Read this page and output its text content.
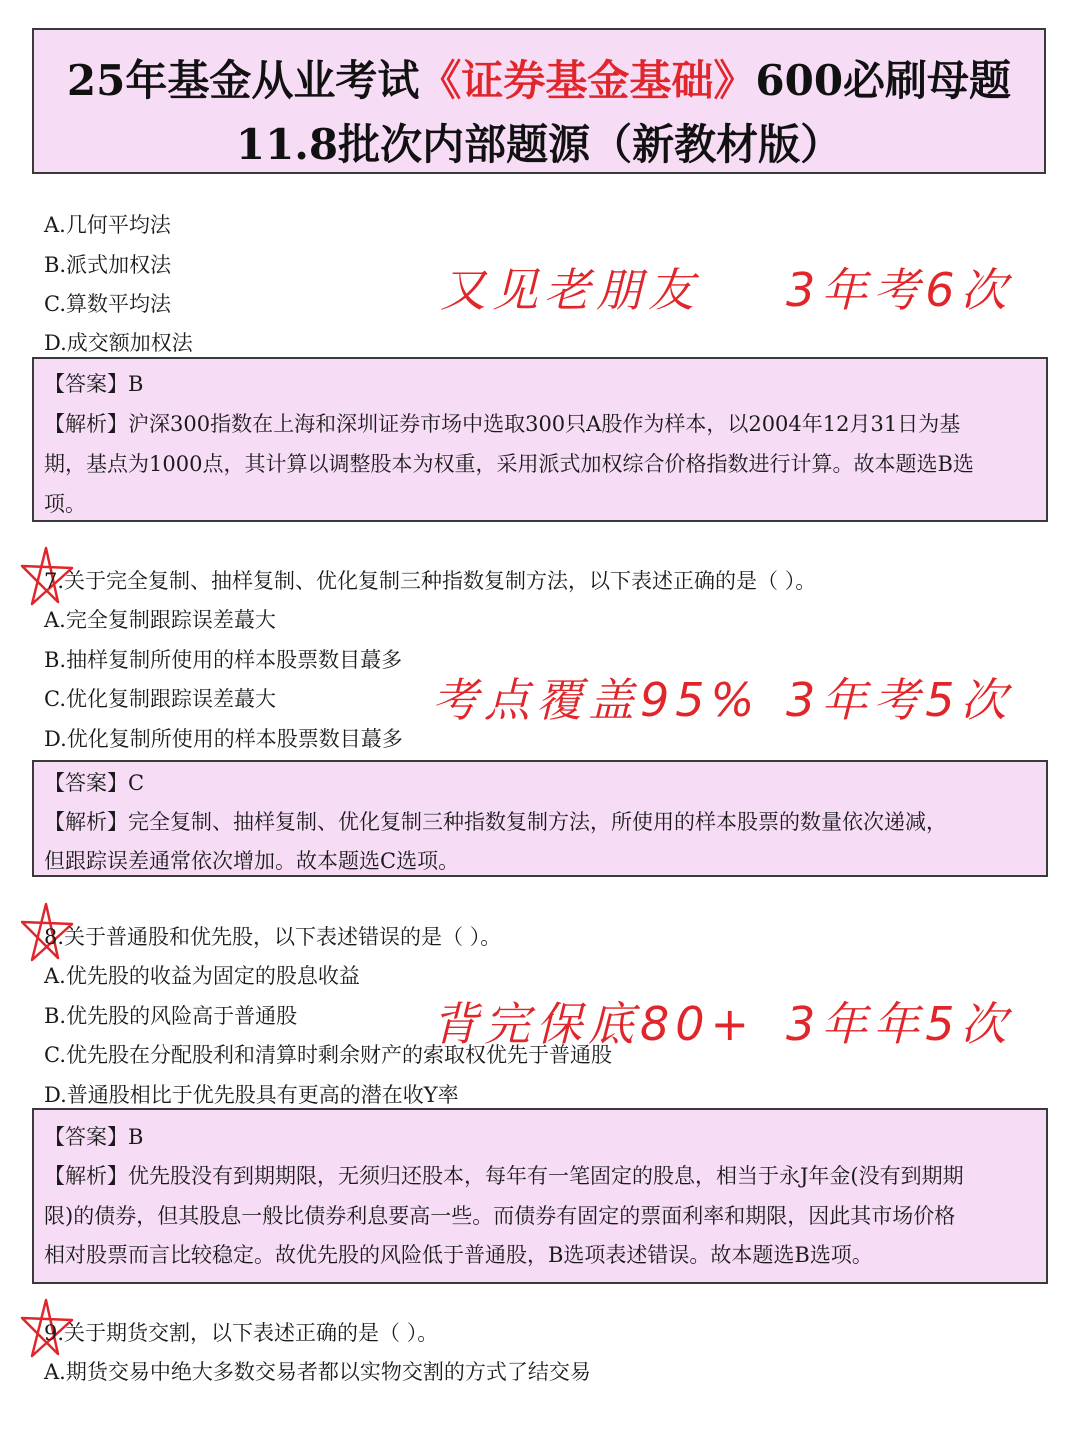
25年基金从业考试《证券基金基础》600必刷母题
11.8批次内部题源（新教材版）
A.几何平均法
B.派式加权法
C.算数平均法
D.成交额加权法
又见老朋友 3年考6次
【答案】B
【解析】沪深300指数在上海和深圳证券市场中选取300只A股作为样本，以2004年12月31日为基
期，基点为1000点，其计算以调整股本为权重，采用派式加权综合价格指数进行计算。故本题选B选
项。
7.关于完全复制、抽样复制、优化复制三种指数复制方法，以下表述正确的是（ ）。
A.完全复制跟踪误差蕞大
B.抽样复制所使用的样本股票数目蕞多
C.优化复制跟踪误差蕞大
D.优化复制所使用的样本股票数目蕞多
考点覆盖95% 3年考5次
【答案】C
【解析】完全复制、抽样复制、优化复制三种指数复制方法，所使用的样本股票的数量依次递减，
但跟踪误差通常依次增加。故本题选C选项。
8.关于普通股和优先股，以下表述错误的是（ ）。
A.优先股的收益为固定的股息收益
B.优先股的风险高于普通股
C.优先股在分配股利和清算时剩余财产的索取权优先于普通股
D.普通股相比于优先股具有更高的潜在收Y率
背完保底80+ 3年年5次
【答案】B
【解析】优先股没有到期期限，无须归还股本，每年有一笔固定的股息，相当于永J年金(没有到期期
限)的债券，但其股息一般比债券利息要高一些。而债券有固定的票面利率和期限，因此其市场价格
相对股票而言比较稳定。故优先股的风险低于普通股，B选项表述错误。故本题选B选项。
9.关于期货交割，以下表述正确的是（ ）。
A.期货交易中绝大多数交易者都以实物交割的方式了结交易
